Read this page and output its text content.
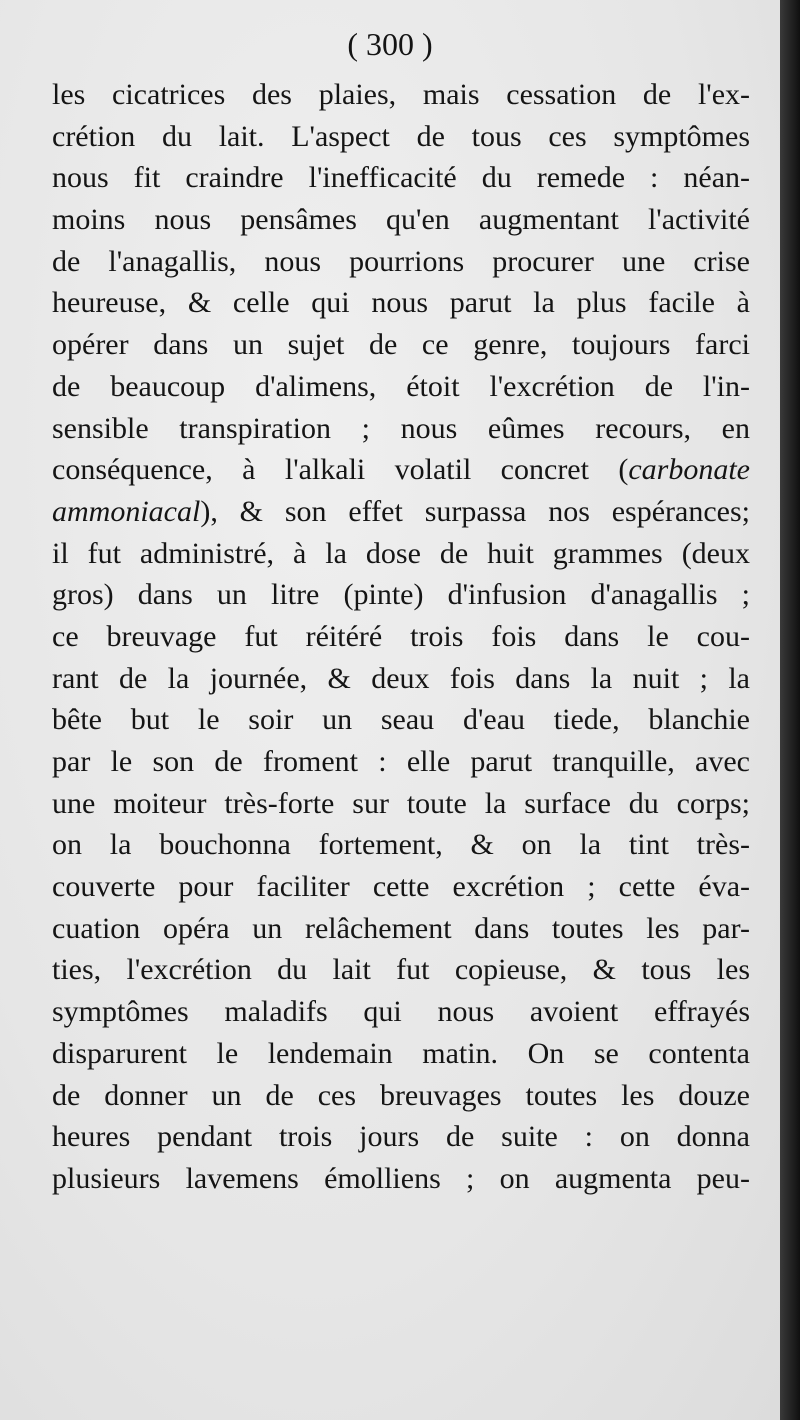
( 300 )
les cicatrices des plaies, mais cessation de l'ex-
crétion du lait. L'aspect de tous ces symptômes
nous fit craindre l'inefficacité du remede : néan-
moins nous pensâmes qu'en augmentant l'activité
de l'anagallis, nous pourrions procurer une crise
heureuse, & celle qui nous parut la plus facile à
opérer dans un sujet de ce genre, toujours farci
de beaucoup d'alimens, étoit l'excrétion de l'in-
sensible transpiration ; nous eûmes recours, en
conséquence, à l'alkali volatil concret (carbonate
ammoniacal), & son effet surpassa nos espérances;
il fut administré, à la dose de huit grammes (deux
gros) dans un litre (pinte) d'infusion d'anagallis ;
ce breuvage fut réitéré trois fois dans le cou-
rant de la journée, & deux fois dans la nuit ; la
bête but le soir un seau d'eau tiede, blanchie
par le son de froment : elle parut tranquille, avec
une moiteur très-forte sur toute la surface du corps;
on la bouchonna fortement, & on la tint très-
couverte pour faciliter cette excrétion ; cette éva-
cuation opéra un relâchement dans toutes les par-
ties, l'excrétion du lait fut copieuse, & tous les
symptômes maladifs qui nous avoient effrayés
disparurent le lendemain matin. On se contenta
de donner un de ces breuvages toutes les douze
heures pendant trois jours de suite : on donna
plusieurs lavemens émolliens ; on augmenta peu-
